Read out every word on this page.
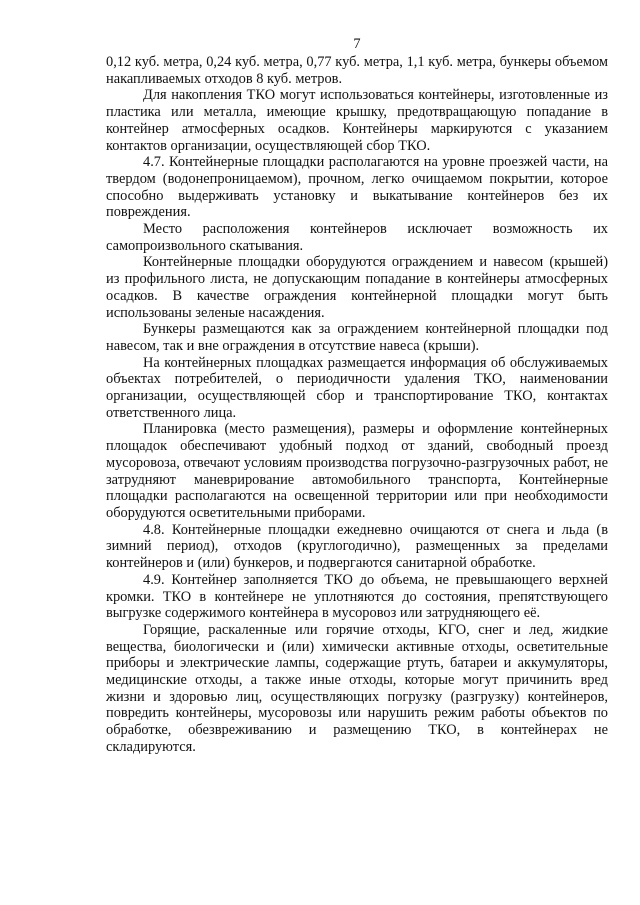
7

0,12 куб. метра, 0,24 куб. метра, 0,77 куб. метра, 1,1 куб. метра, бункеры объемом накапливаемых отходов 8 куб. метров.

Для накопления ТКО могут использоваться контейнеры, изготовленные из пластика или металла, имеющие крышку, предотвращающую попадание в контейнер атмосферных осадков. Контейнеры маркируются с указанием контактов организации, осуществляющей сбор ТКО.

4.7. Контейнерные площадки располагаются на уровне проезжей части, на твердом (водонепроницаемом), прочном, легко очищаемом покрытии, которое способно выдерживать установку и выкатывание контейнеров без их повреждения.

Место расположения контейнеров исключает возможность их самопроизвольного скатывания.

Контейнерные площадки оборудуются ограждением и навесом (крышей) из профильного листа, не допускающим попадание в контейнеры атмосферных осадков. В качестве ограждения контейнерной площадки могут быть использованы зеленые насаждения.

Бункеры размещаются как за ограждением контейнерной площадки под навесом, так и вне ограждения в отсутствие навеса (крыши).

На контейнерных площадках размещается информация об обслуживаемых объектах потребителей, о периодичности удаления ТКО, наименовании организации, осуществляющей сбор и транспортирование ТКО, контактах ответственного лица.

Планировка (место размещения), размеры и оформление контейнерных площадок обеспечивают удобный подход от зданий, свободный проезд мусоровоза, отвечают условиям производства погрузочно-разгрузочных работ, не затрудняют маневрирование автомобильного транспорта, Контейнерные площадки располагаются на освещенной территории или при необходимости оборудуются осветительными приборами.

4.8. Контейнерные площадки ежедневно очищаются от снега и льда (в зимний период), отходов (круглогодично), размещенных за пределами контейнеров и (или) бункеров, и подвергаются санитарной обработке.

4.9. Контейнер заполняется ТКО до объема, не превышающего верхней кромки. ТКО в контейнере не уплотняются до состояния, препятствующего выгрузке содержимого контейнера в мусоровоз или затрудняющего её.

Горящие, раскаленные или горячие отходы, КГО, снег и лед, жидкие вещества, биологически и (или) химически активные отходы, осветительные приборы и электрические лампы, содержащие ртуть, батареи и аккумуляторы, медицинские отходы, а также иные отходы, которые могут причинить вред жизни и здоровью лиц, осуществляющих погрузку (разгрузку) контейнеров, повредить контейнеры, мусоровозы или нарушить режим работы объектов по обработке, обезвреживанию и размещению ТКО, в контейнерах не складируются.
